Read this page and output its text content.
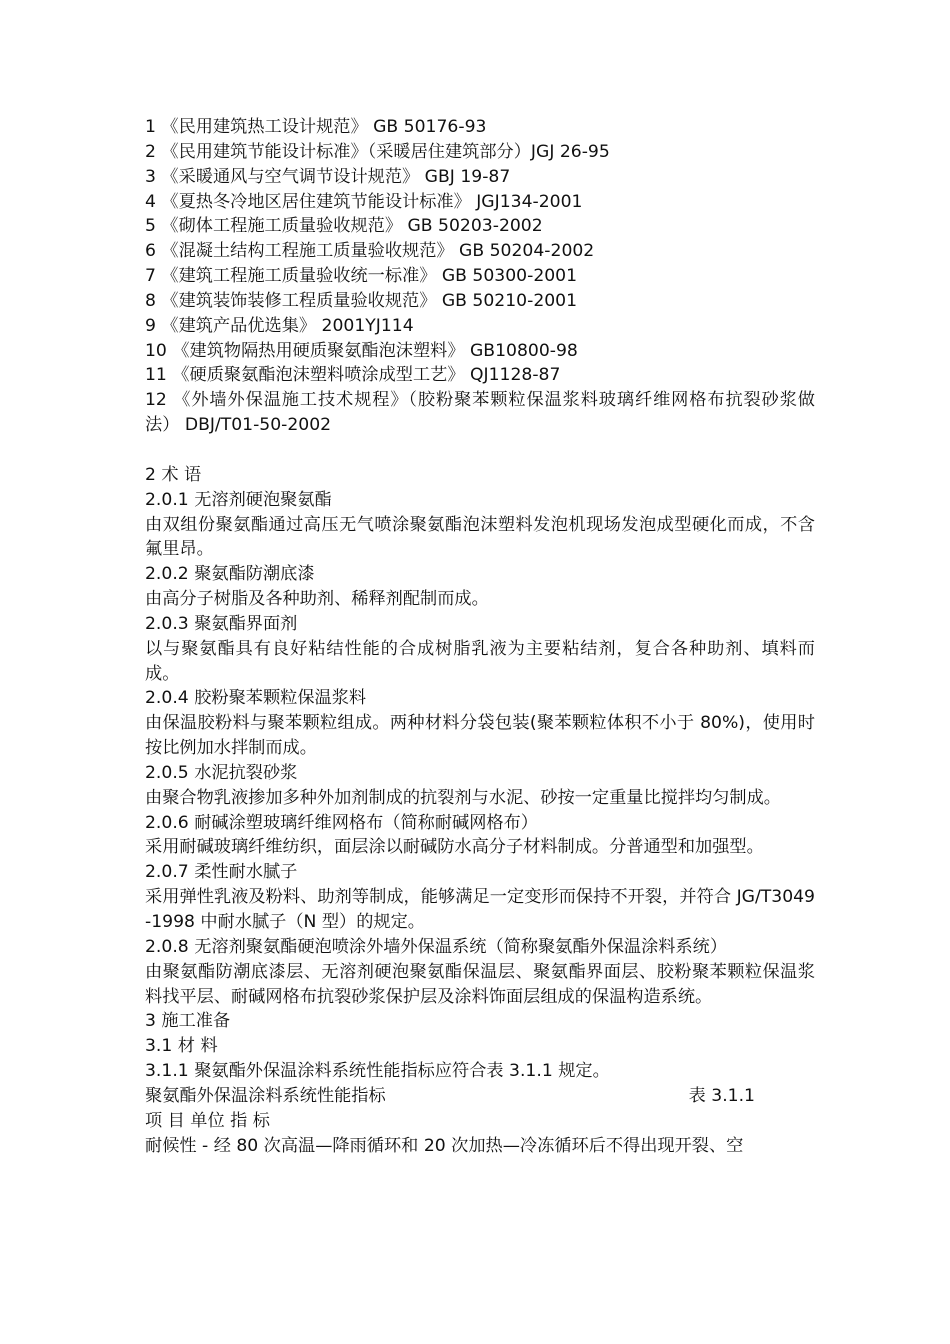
1 《民用建筑热工设计规范》 GB 50176-93
2 《民用建筑节能设计标准》（采暖居住建筑部分）JGJ 26-95
3 《采暖通风与空气调节设计规范》 GBJ 19-87
4 《夏热冬冷地区居住建筑节能设计标准》 JGJ134-2001
5 《砌体工程施工质量验收规范》 GB 50203-2002
6 《混凝土结构工程施工质量验收规范》 GB 50204-2002
7 《建筑工程施工质量验收统一标准》 GB 50300-2001
8 《建筑装饰装修工程质量验收规范》 GB 50210-2001
9 《建筑产品优选集》 2001YJ114
10 《建筑物隔热用硬质聚氨酯泡沫塑料》 GB10800-98
11 《硬质聚氨酯泡沫塑料喷涂成型工艺》 QJ1128-87
12 《外墙外保温施工技术规程》（胶粉聚苯颗粒保温浆料玻璃纤维网格布抗裂砂浆做法） DBJ/T01-50-2002
2 术 语
2.0.1 无溶剂硬泡聚氨酯
由双组份聚氨酯通过高压无气喷涂聚氨酯泡沫塑料发泡机现场发泡成型硬化而成，不含氟里昂。
2.0.2 聚氨酯防潮底漆
由高分子树脂及各种助剂、稀释剂配制而成。
2.0.3 聚氨酯界面剂
以与聚氨酯具有良好粘结性能的合成树脂乳液为主要粘结剂，复合各种助剂、填料而成。
2.0.4 胶粉聚苯颗粒保温浆料
由保温胶粉料与聚苯颗粒组成。两种材料分袋包装(聚苯颗粒体积不小于 80%)，使用时按比例加水拌制而成。
2.0.5 水泥抗裂砂浆
由聚合物乳液掺加多种外加剂制成的抗裂剂与水泥、砂按一定重量比搅拌均匀制成。
2.0.6 耐碱涂塑玻璃纤维网格布（简称耐碱网格布）
采用耐碱玻璃纤维纺织，面层涂以耐碱防水高分子材料制成。分普通型和加强型。
2.0.7 柔性耐水腻子
采用弹性乳液及粉料、助剂等制成，能够满足一定变形而保持不开裂，并符合 JG/T3049-1998 中耐水腻子（N 型）的规定。
2.0.8 无溶剂聚氨酯硬泡喷涂外墙外保温系统（简称聚氨酯外保温涂料系统）
由聚氨酯防潮底漆层、无溶剂硬泡聚氨酯保温层、聚氨酯界面层、胶粉聚苯颗粒保温浆料找平层、耐碱网格布抗裂砂浆保护层及涂料饰面层组成的保温构造系统。
3 施工准备
3.1 材 料
3.1.1 聚氨酯外保温涂料系统性能指标应符合表 3.1.1 规定。
聚氨酯外保温涂料系统性能指标	表 3.1.1
项 目 单位 指 标
耐候性 - 经 80 次高温—降雨循环和 20 次加热—冷冻循环后不得出现开裂、空
